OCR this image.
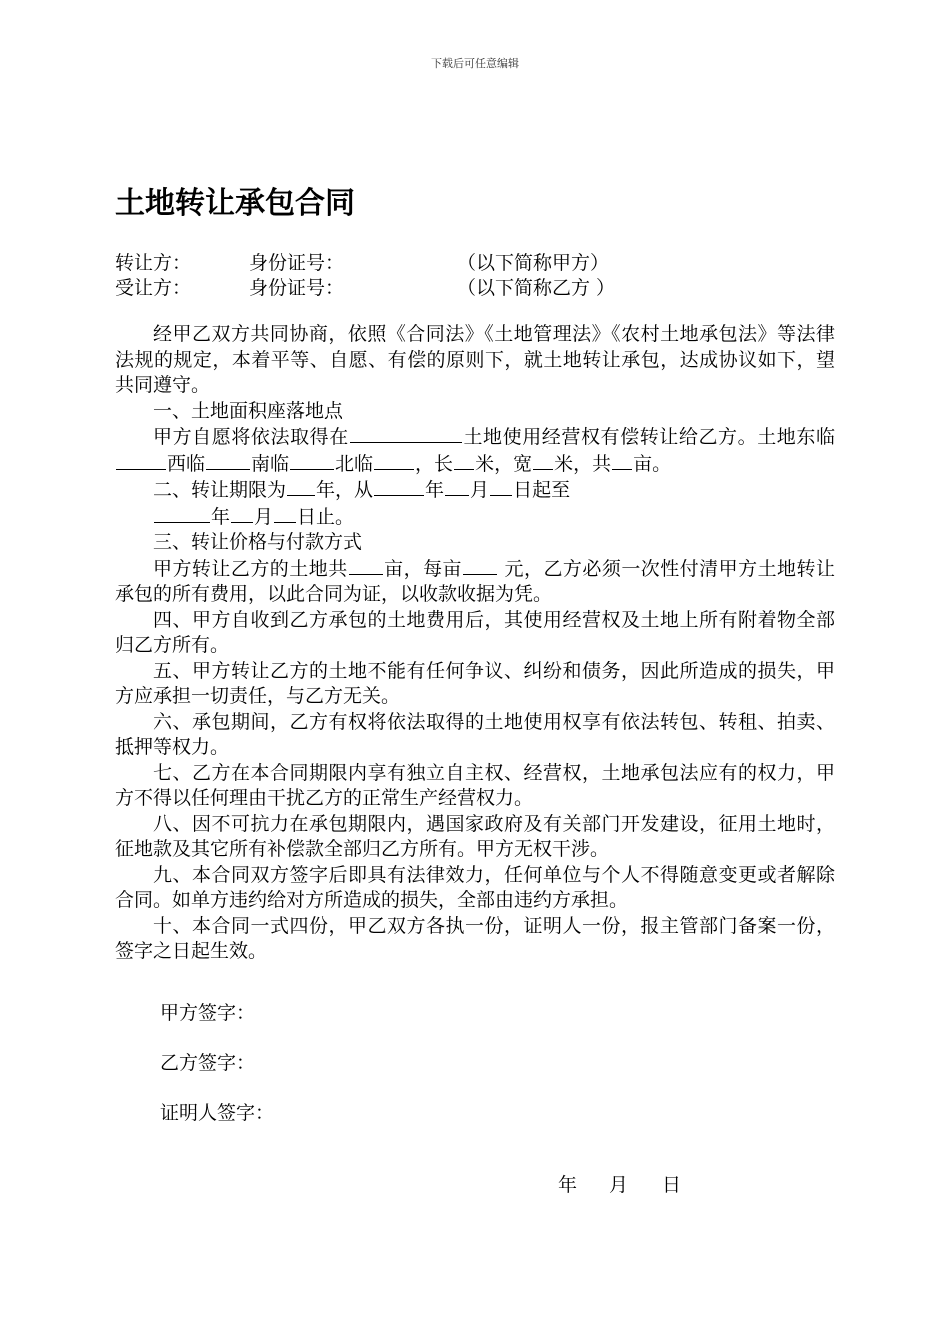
下载后可任意编辑
土地转让承包合同
转让方：	身份证号：	（以下简称甲方）
受让方：	身份证号：	（以下简称乙方 ）

经甲乙双方共同协商，依照《合同法》《土地管理法》《农村土地承包法》等法律法规的规定，本着平等、自愿、有偿的原则下，就土地转让承包，达成协议如下，望共同遵守。

一、土地面积座落地点

甲方自愿将依法取得在	土地使用经营权有偿转让给乙方。土地东临西临 南临 北临 ，长 米，宽 米，共 亩。

二、转让期限为 年，从	年 月 日起至
年 月 日止。

三、转让价格与付款方式

甲方转让乙方的土地共 亩，每亩 元，乙方必须一次性付清甲方土地转让承包的所有费用，以此合同为证，以收款收据为凭。

四、甲方自收到乙方承包的土地费用后，其使用经营权及土地上所有附着物全部归乙方所有。

五、甲方转让乙方的土地不能有任何争议、纠纷和债务，因此所造成的损失，甲方应承担一切责任，与乙方无关。

六、承包期间，乙方有权将依法取得的土地使用权享有依法转包、转租、拍卖、抵押等权力。

七、乙方在本合同期限内享有独立自主权、经营权，土地承包法应有的权力，甲方不得以任何理由干扰乙方的正常生产经营权力。

八、因不可抗力在承包期限内，遇国家政府及有关部门开发建设，征用土地时，征地款及其它所有补偿款全部归乙方所有。甲方无权干涉。

九、本合同双方签字后即具有法律效力，任何单位与个人不得随意变更或者解除合同。如单方违约给对方所造成的损失，全部由违约方承担。

十、本合同一式四份，甲乙双方各执一份，证明人一份，报主管部门备案一份，签字之日起生效。

甲方签字：
乙方签字：
证明人签字：
年 月 日
